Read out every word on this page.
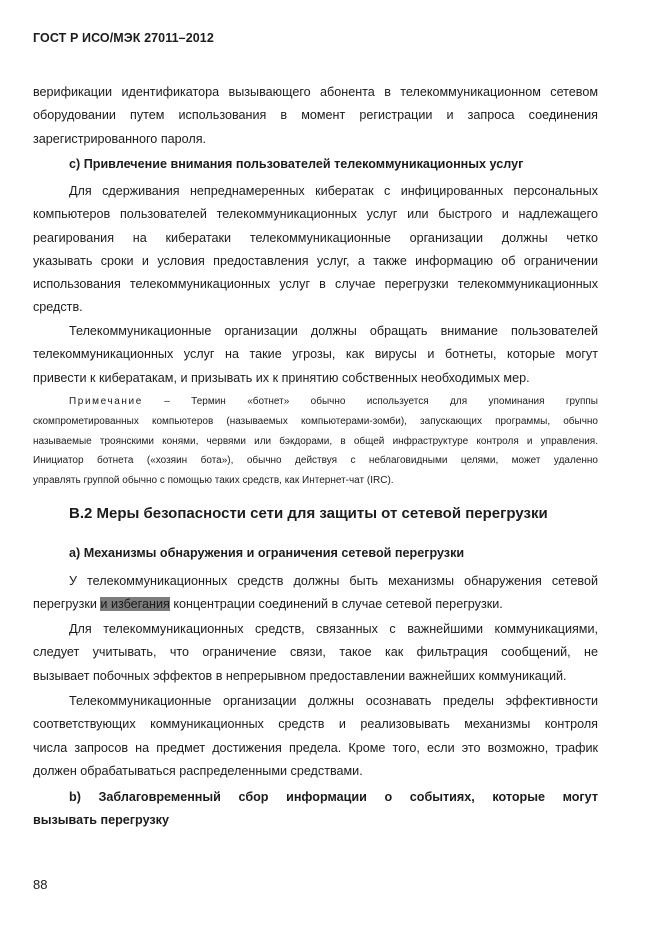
ГОСТ Р ИСО/МЭК 27011–2012
верификации идентификатора вызывающего абонента в телекоммуникационном сетевом
оборудовании путем использования в момент регистрации и запроса соединения
зарегистрированного пароля.
с) Привлечение внимания пользователей телекоммуникационных услуг
Для сдерживания непреднамеренных кибератак с инфицированных персональных
компьютеров пользователей телекоммуникационных услуг или быстрого и надлежащего
реагирования на кибератаки телекоммуникационные организации должны четко
указывать сроки и условия предоставления услуг, а также информацию об ограничении
использования телекоммуникационных услуг в случае перегрузки телекоммуникационных
средств.
Телекоммуникационные организации должны обращать внимание пользователей
телекоммуникационных услуг на такие угрозы, как вирусы и ботнеты, которые могут
привести к кибератакам, и призывать их к принятию собственных необходимых мер.
Примечание – Термин «ботнет» обычно используется для упоминания группы
скомпрометированных компьютеров (называемых компьютерами-зомби), запускающих программы, обычно
называемые троянскими конями, червями или бэкдорами, в общей инфраструктуре контроля и управления.
Инициатор ботнета («хозяин бота»), обычно действуя с неблаговидными целями, может удаленно
управлять группой обычно с помощью таких средств, как Интернет-чат (IRC).
В.2 Меры безопасности сети для защиты от сетевой перегрузки
а) Механизмы обнаружения и ограничения сетевой перегрузки
У телекоммуникационных средств должны быть механизмы обнаружения сетевой
перегрузки и избегания концентрации соединений в случае сетевой перегрузки.
Для телекоммуникационных средств, связанных с важнейшими коммуникациями,
следует учитывать, что ограничение связи, такое как фильтрация сообщений, не
вызывает побочных эффектов в непрерывном предоставлении важнейших коммуникаций.
Телекоммуникационные организации должны осознавать пределы эффективности
соответствующих коммуникационных средств и реализовывать механизмы контроля
числа запросов на предмет достижения предела. Кроме того, если это возможно, трафик
должен обрабатываться распределенными средствами.
b) Заблаговременный сбор информации о событиях, которые могут
вызывать перегрузку
88
